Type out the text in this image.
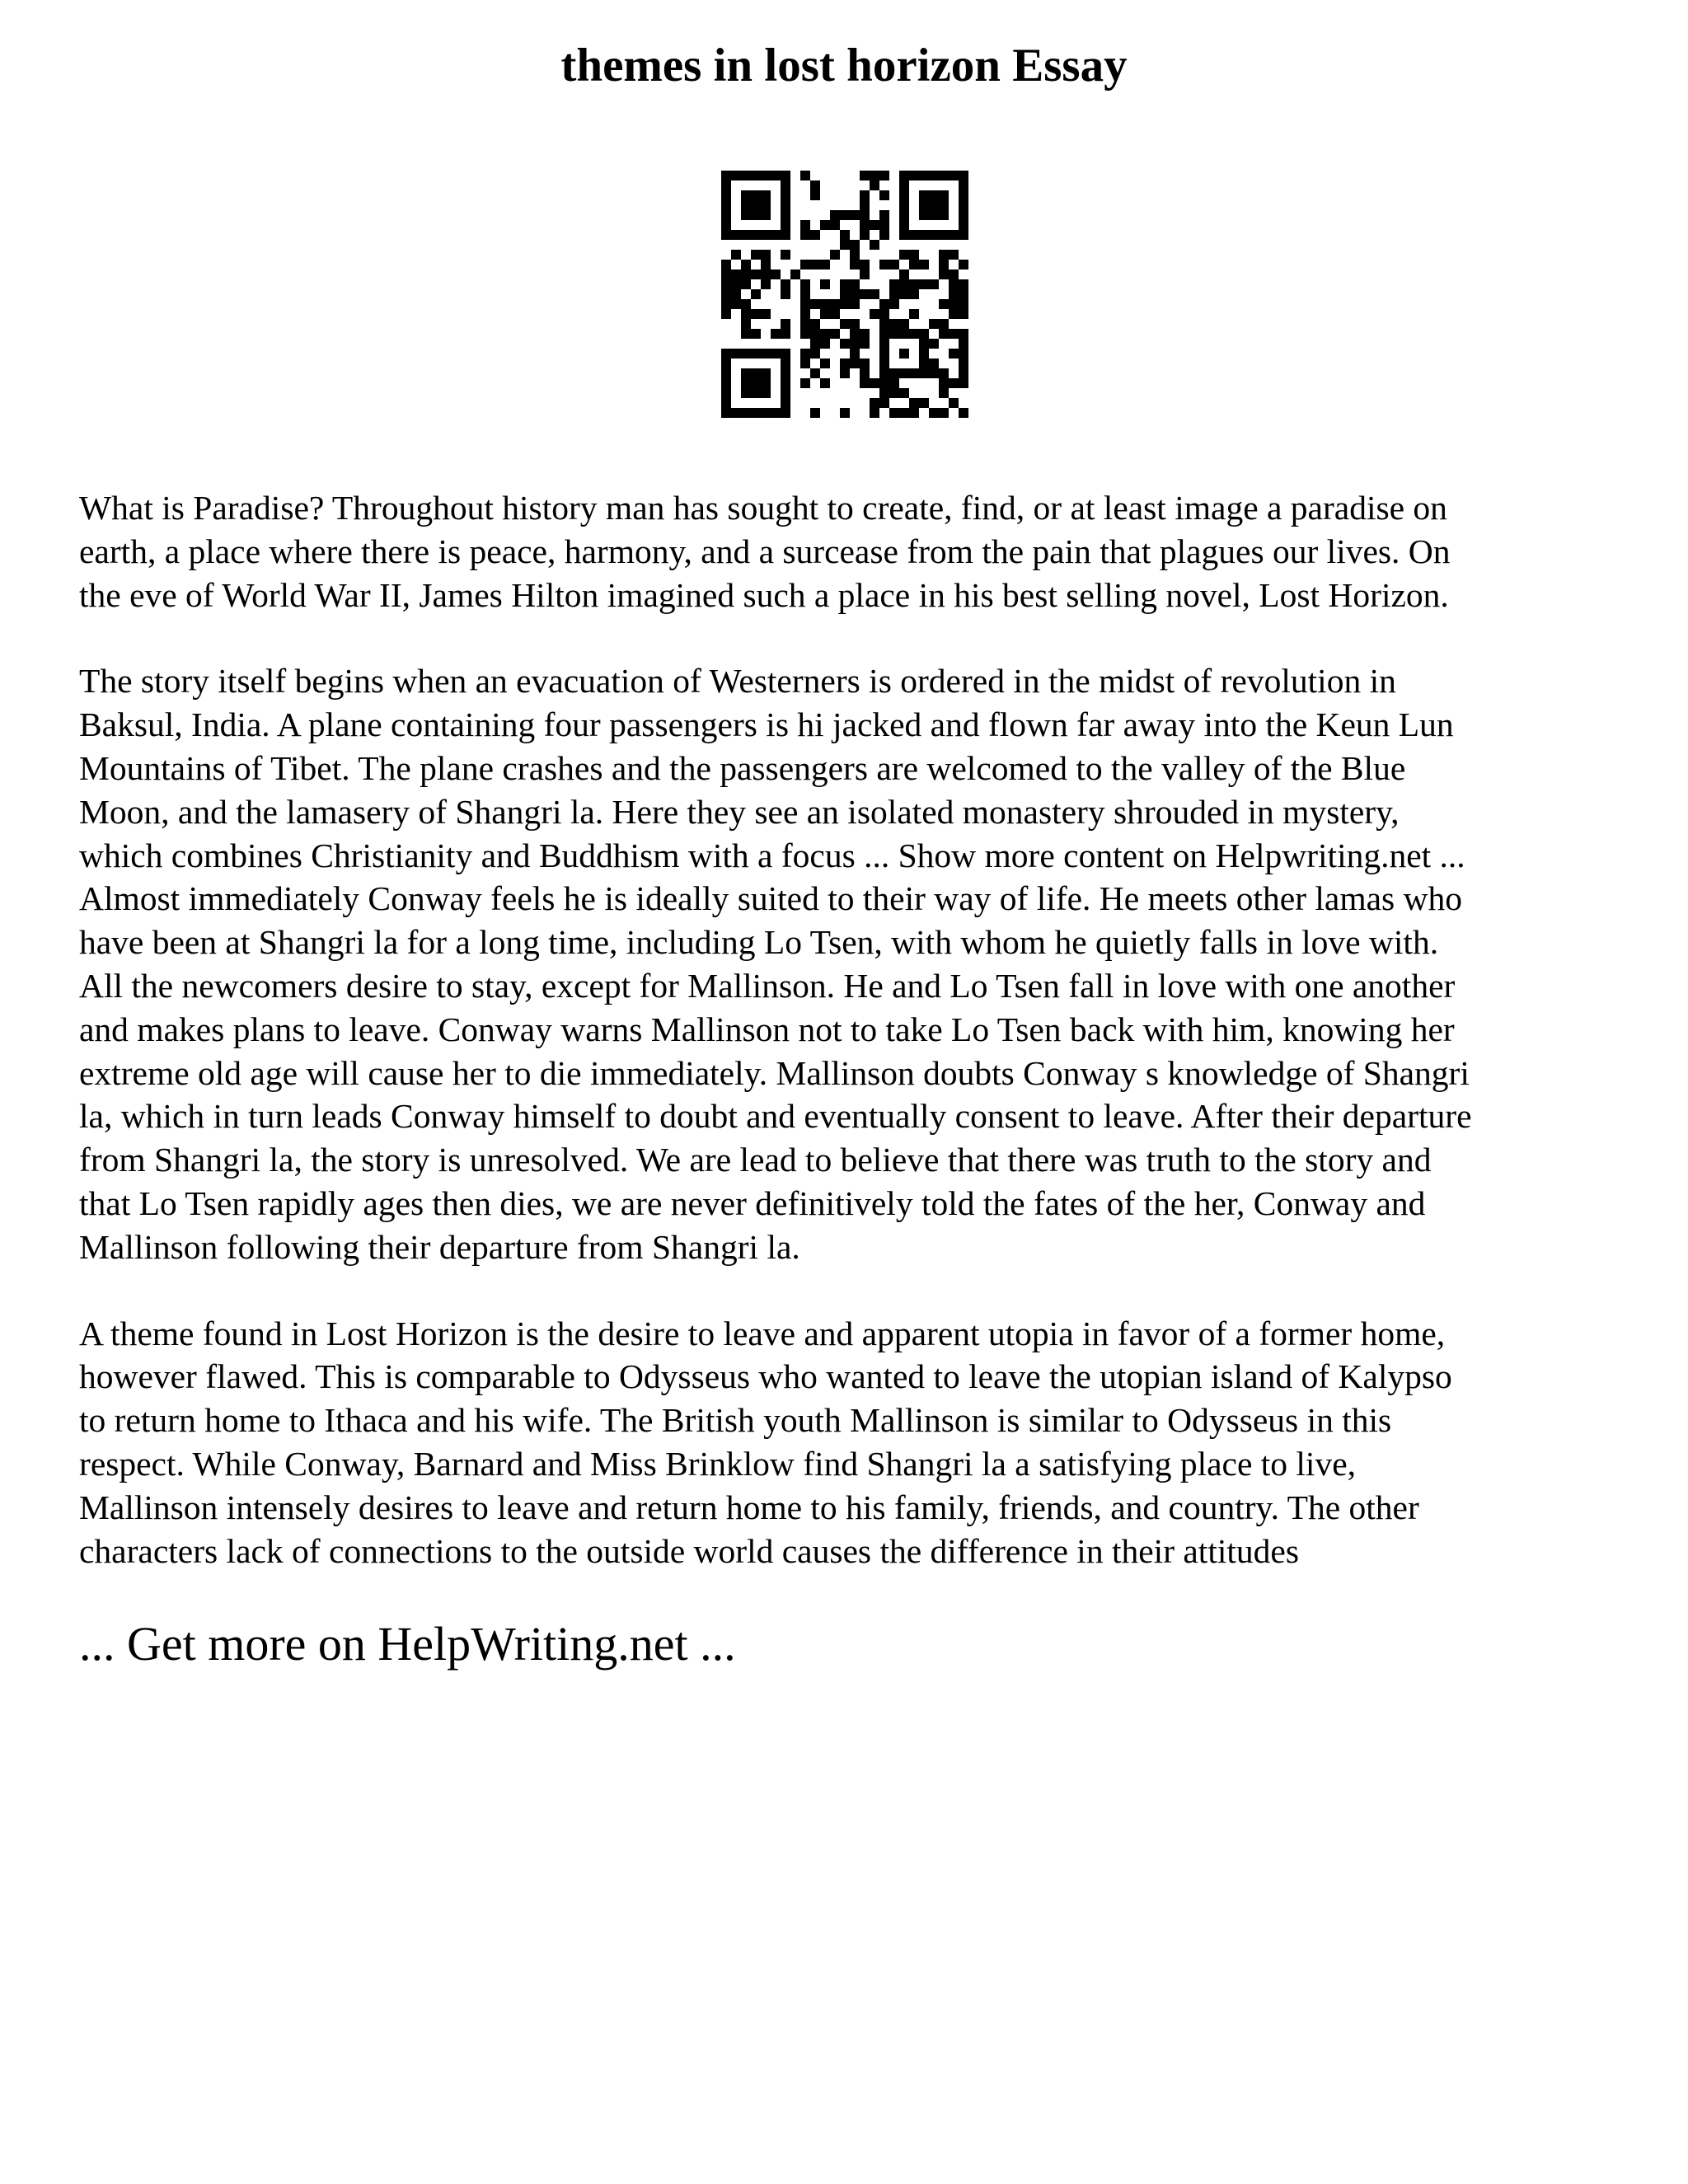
themes in lost horizon Essay

What is Paradise? Throughout history man has sought to create, find, or at least image a paradise on
earth, a place where there is peace, harmony, and a surcease from the pain that plagues our lives. On
the eve of World War II, James Hilton imagined such a place in his best selling novel, Lost Horizon.

The story itself begins when an evacuation of Westerners is ordered in the midst of revolution in
Baksul, India. A plane containing four passengers is hi jacked and flown far away into the Keun Lun
Mountains of Tibet. The plane crashes and the passengers are welcomed to the valley of the Blue
Moon, and the lamasery of Shangri la. Here they see an isolated monastery shrouded in mystery,
which combines Christianity and Buddhism with a focus ... Show more content on Helpwriting.net ...
Almost immediately Conway feels he is ideally suited to their way of life. He meets other lamas who
have been at Shangri la for a long time, including Lo Tsen, with whom he quietly falls in love with.
All the newcomers desire to stay, except for Mallinson. He and Lo Tsen fall in love with one another
and makes plans to leave. Conway warns Mallinson not to take Lo Tsen back with him, knowing her
extreme old age will cause her to die immediately. Mallinson doubts Conway s knowledge of Shangri
la, which in turn leads Conway himself to doubt and eventually consent to leave. After their departure
from Shangri la, the story is unresolved. We are lead to believe that there was truth to the story and
that Lo Tsen rapidly ages then dies, we are never definitively told the fates of the her, Conway and
Mallinson following their departure from Shangri la.

A theme found in Lost Horizon is the desire to leave and apparent utopia in favor of a former home,
however flawed. This is comparable to Odysseus who wanted to leave the utopian island of Kalypso
to return home to Ithaca and his wife. The British youth Mallinson is similar to Odysseus in this
respect. While Conway, Barnard and Miss Brinklow find Shangri la a satisfying place to live,
Mallinson intensely desires to leave and return home to his family, friends, and country. The other
characters lack of connections to the outside world causes the difference in their attitudes

... Get more on HelpWriting.net ...
